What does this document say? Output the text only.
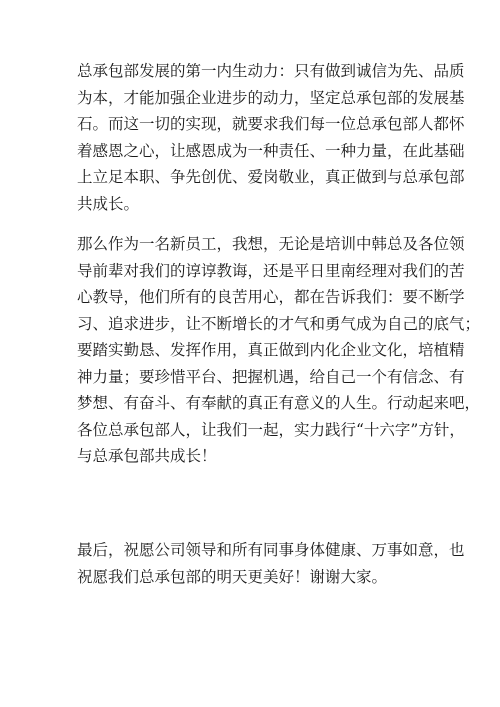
总承包部发展的第一内生动力：只有做到诚信为先、品质
为本，才能加强企业进步的动力，坚定总承包部的发展基
石。而这一切的实现，就要求我们每一位总承包部人都怀
着感恩之心，让感恩成为一种责任、一种力量，在此基础
上立足本职、争先创优、爱岗敬业，真正做到与总承包部
共成长。
那么作为一名新员工，我想，无论是培训中韩总及各位领
导前辈对我们的谆谆教诲，还是平日里南经理对我们的苦
心教导，他们所有的良苦用心，都在告诉我们：要不断学
习、追求进步，让不断增长的才气和勇气成为自己的底气；
要踏实勤恳、发挥作用，真正做到内化企业文化，培植精
神力量；要珍惜平台、把握机遇，给自己一个有信念、有
梦想、有奋斗、有奉献的真正有意义的人生。行动起来吧，
各位总承包部人，让我们一起，实力践行“十六字”方针，
与总承包部共成长！
最后，祝愿公司领导和所有同事身体健康、万事如意，也
祝愿我们总承包部的明天更美好！谢谢大家。
